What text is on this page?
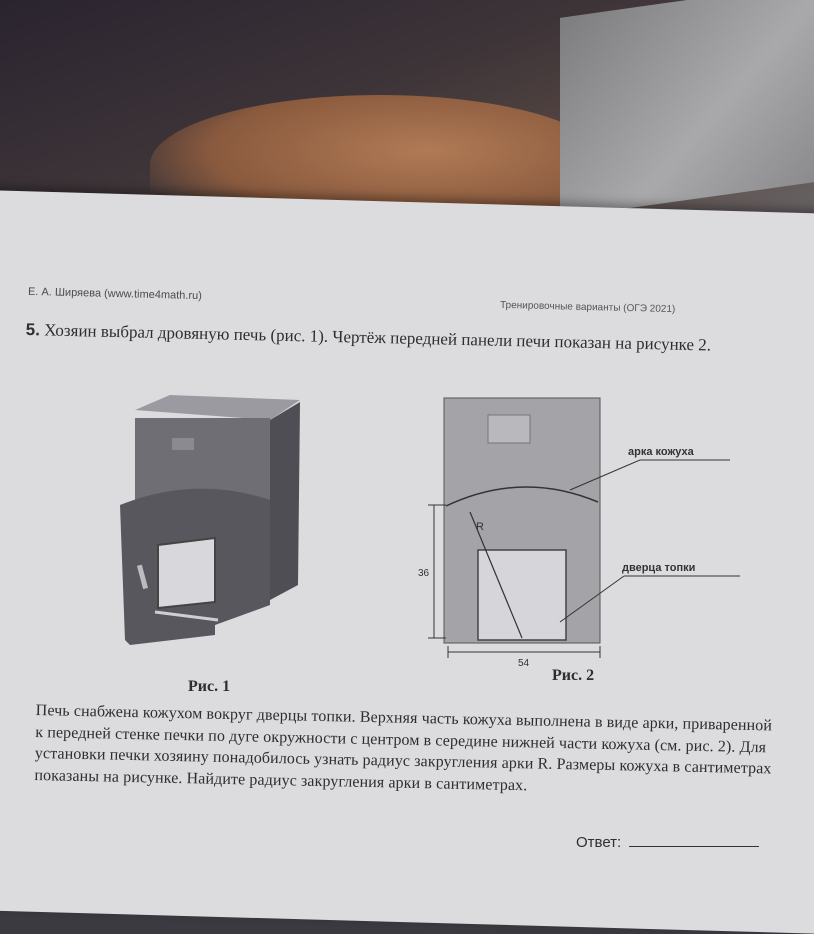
Е. А. Ширяева (www.time4math.ru)
Тренировочные варианты (ОГЭ 2021)
5. Хозяин выбрал дровяную печь (рис. 1). Чертёж передней панели печи показан на рисунке 2.
Рис. 1
R
36
54
арка кожуха
дверца топки
Рис. 2
Печь снабжена кожухом вокруг дверцы топки. Верхняя часть кожуха выполнена в виде арки, приваренной к передней стенке печки по дуге окружности с центром в середине нижней части кожуха (см. рис. 2). Для установки печки хозяину понадобилось узнать радиус закругления арки R. Размеры кожуха в сантиметрах показаны на рисунке. Найдите радиус закругления арки в сантиметрах.
Ответ:
